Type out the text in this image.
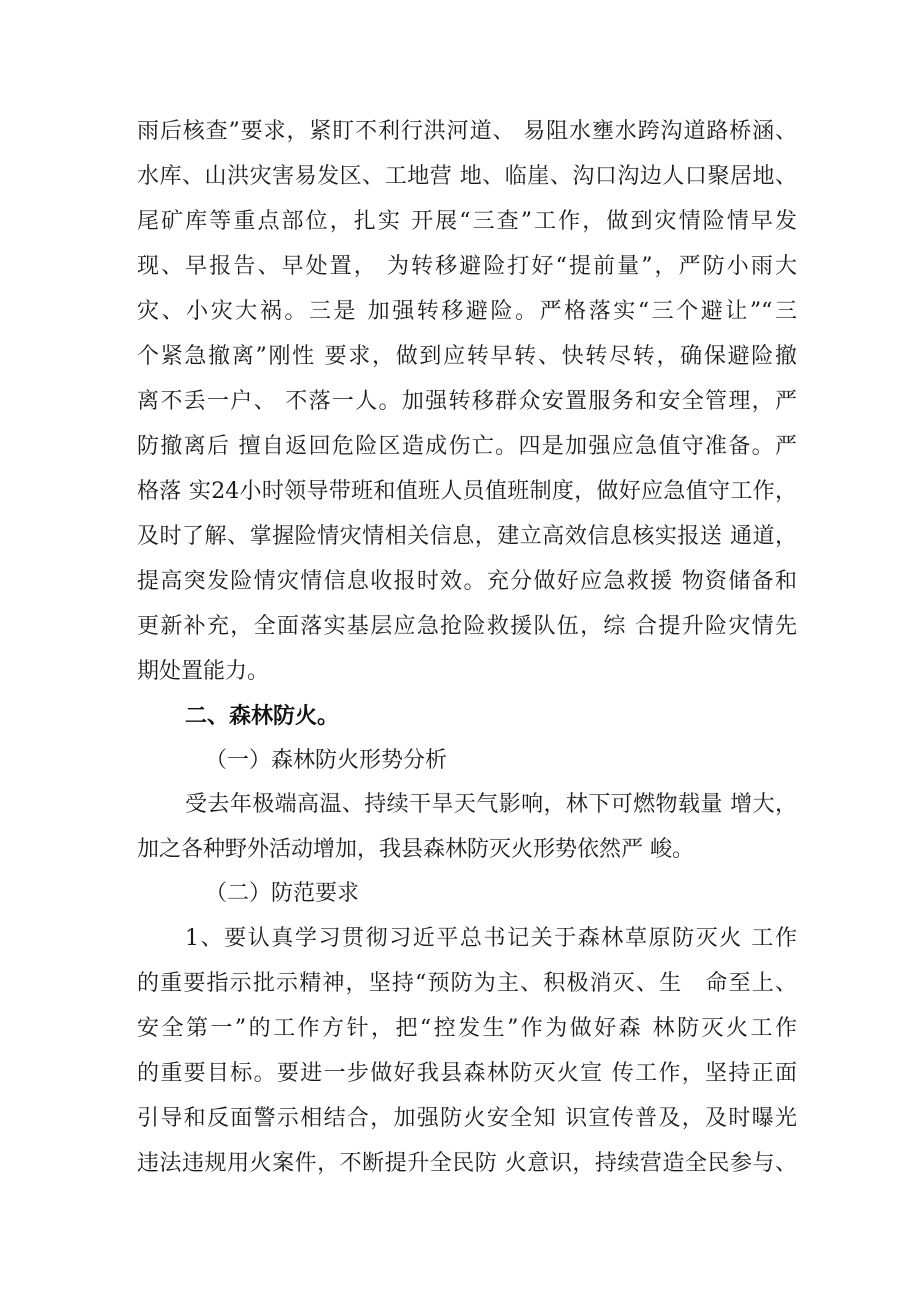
雨后核查”要求，紧盯不利行洪河道、 易阻水壅水跨沟道路桥涵、
水库、山洪灾害易发区、工地营 地、临崖、沟口沟边人口聚居地、
尾矿库等重点部位，扎实 开展“三查”工作，做到灾情险情早发
现、早报告、早处置， 为转移避险打好“提前量”，严防小雨大
灾、小灾大祸。三是 加强转移避险。严格落实“三个避让”“三
个紧急撤离”刚性 要求，做到应转早转、快转尽转，确保避险撤
离不丢一户、 不落一人。加强转移群众安置服务和安全管理，严
防撤离后 擅自返回危险区造成伤亡。四是加强应急值守准备。严
格落 实24小时领导带班和值班人员值班制度，做好应急值守工作，
及时了解、掌握险情灾情相关信息，建立高效信息核实报送 通道，
提高突发险情灾情信息收报时效。充分做好应急救援 物资储备和
更新补充，全面落实基层应急抢险救援队伍，综 合提升险灾情先
期处置能力。
二、森林防火。
（一）森林防火形势分析
受去年极端高温、持续干旱天气影响，林下可燃物载量 增大，
加之各种野外活动增加，我县森林防灭火形势依然严 峻。
（二）防范要求
1、要认真学习贯彻习近平总书记关于森林草原防灭火 工作
的重要指示批示精神，坚持“预防为主、积极消灭、生　命至上、
安全第一”的工作方针，把“控发生”作为做好森 林防灭火工作
的重要目标。要进一步做好我县森林防灭火宣 传工作，坚持正面
引导和反面警示相结合，加强防火安全知 识宣传普及，及时曝光
违法违规用火案件，不断提升全民防 火意识，持续营造全民参与、
